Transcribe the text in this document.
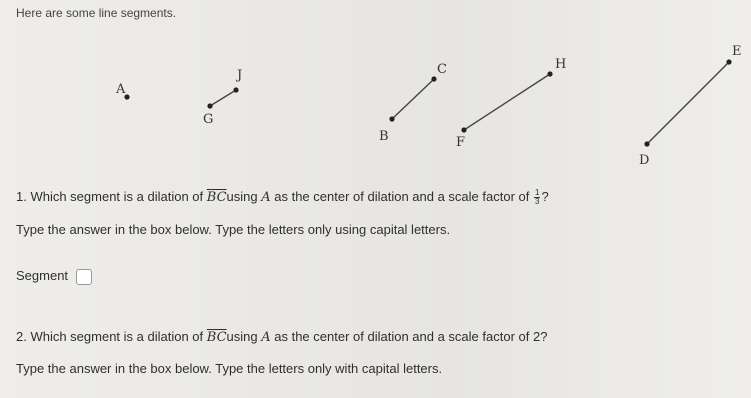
Here are some line segments.
A
G
J
B
C
F
H
D
E
1. Which segment is a dilation of $\overline{BC}using$ A as the center of dilation and a scale factor of $\frac{1}{3}$ ?
Type the answer in the box below. Type the letters only using capital letters.
Segment
2. Which segment is a dilation of $\overline{BC}using$ A as the center of dilation and a scale factor of 2?
Type the answer in the box below. Type the letters only with capital letters.
